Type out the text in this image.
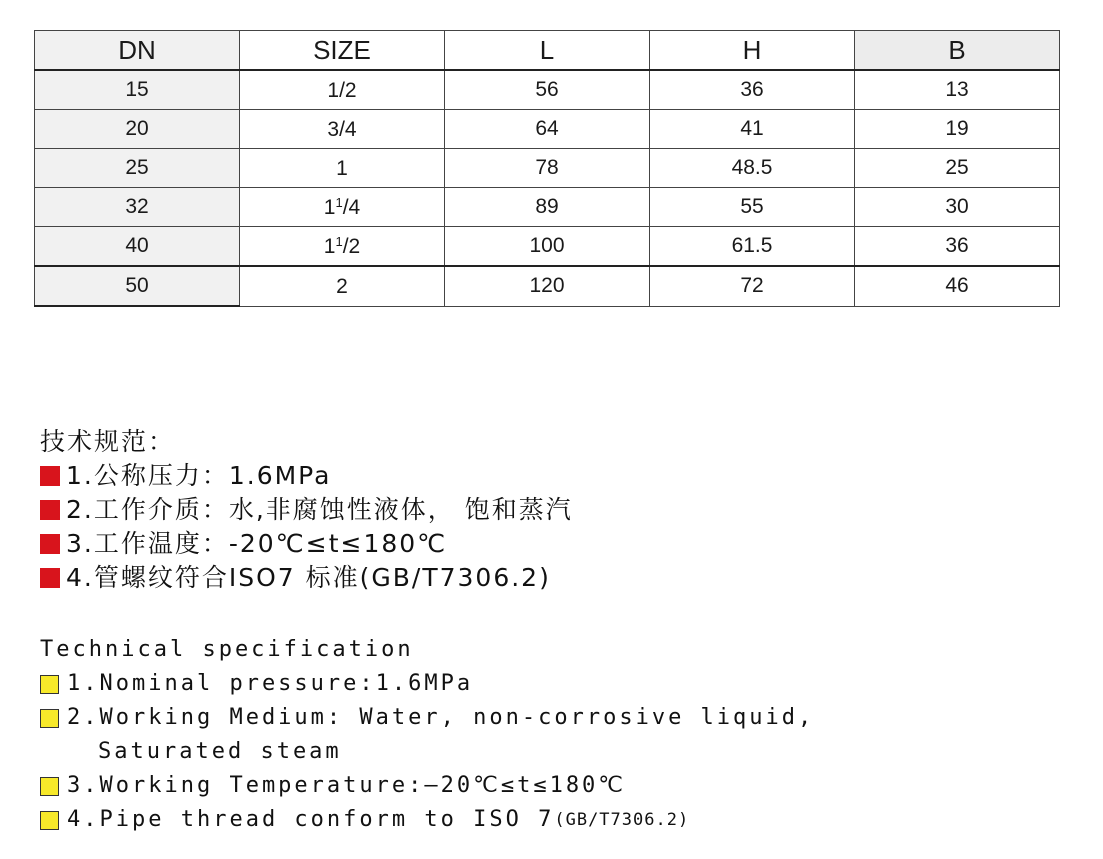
DN	SIZE	L	H	B
15	1/2	56	36	13
20	3/4	64	41	19
25	1	78	48.5	25
32	$1^1/4$	89	55	30
40	$1^1/2$	100	61.5	36
50	2	120	72	46
技术规范：
1.公称压力：1.6MPa
2.工作介质：水,非腐蚀性液体， 饱和蒸汽
3.工作温度：-20℃≤t≤180℃
4.管螺纹符合ISO7 标准(GB/T7306.2)
Technical specification
1.Nominal pressure:1.6MPa
2.Working Medium: Water, non-corrosive liquid,
Saturated steam
3.Working Temperature:—20℃≤t≤180℃
4.Pipe thread conform to ISO 7 (GB/T7306.2)
